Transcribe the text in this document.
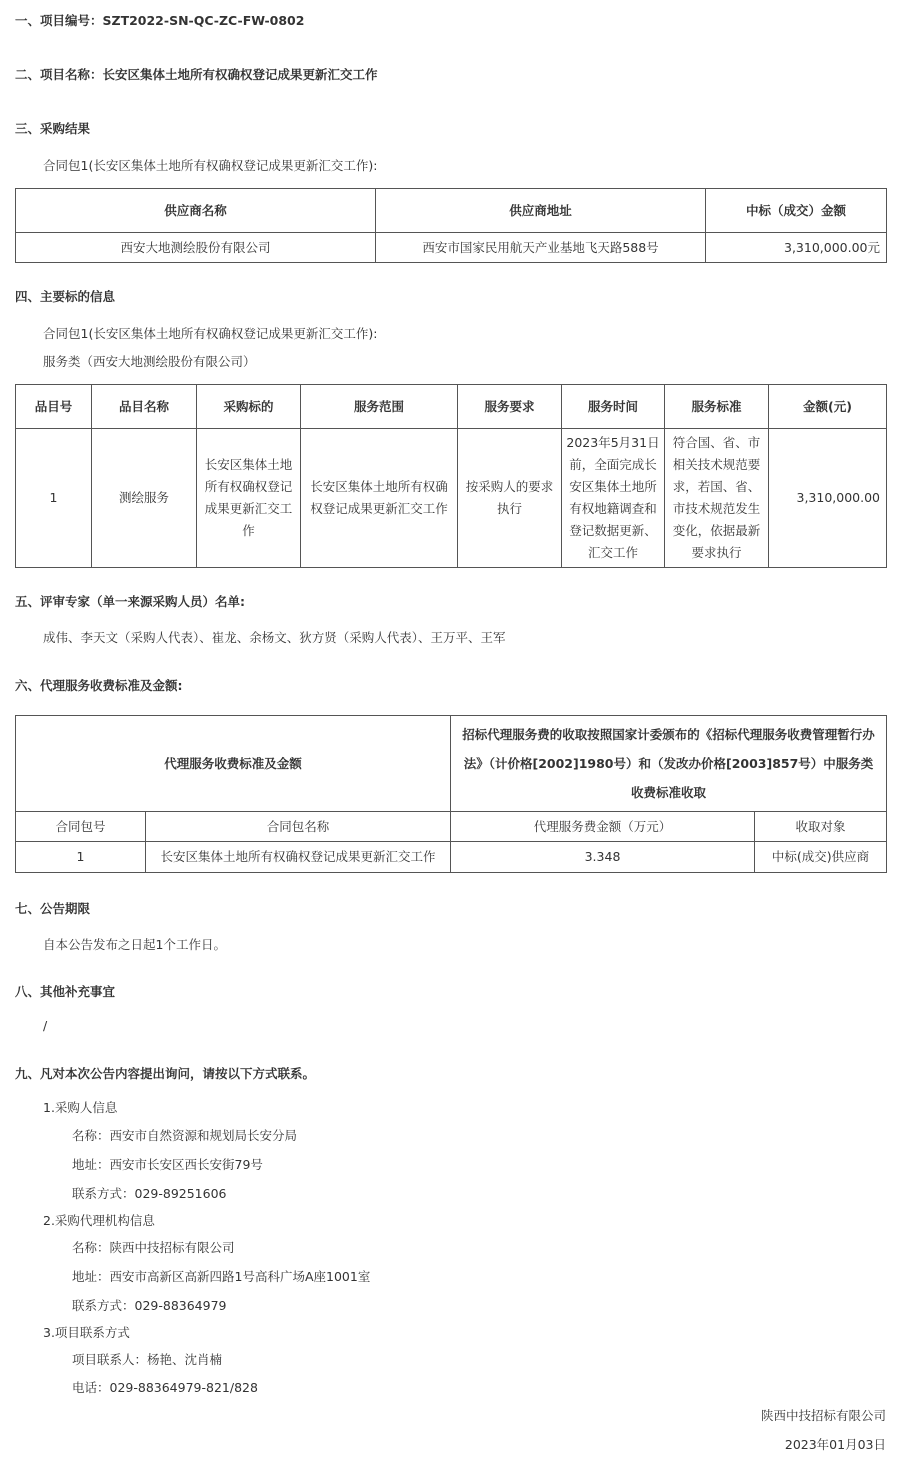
一、项目编号：SZT2022-SN-QC-ZC-FW-0802
二、项目名称：长安区集体土地所有权确权登记成果更新汇交工作
三、采购结果
合同包1(长安区集体土地所有权确权登记成果更新汇交工作):
供应商名称	供应商地址	中标（成交）金额
西安大地测绘股份有限公司	西安市国家民用航天产业基地飞天路588号	3,310,000.00元
四、主要标的信息
合同包1(长安区集体土地所有权确权登记成果更新汇交工作):
服务类（西安大地测绘股份有限公司）
品目号	品目名称	采购标的	服务范围	服务要求	服务时间	服务标准	金额(元)
1	测绘服务	长安区集体土地所有权确权登记成果更新汇交工作	长安区集体土地所有权确权登记成果更新汇交工作	按采购人的要求执行	2023年5月31日前，全面完成长安区集体土地所有权地籍调查和登记数据更新、汇交工作	符合国、省、市相关技术规范要求，若国、省、市技术规范发生变化，依据最新要求执行	3,310,000.00
五、评审专家（单一来源采购人员）名单:
成伟、李天文（采购人代表）、崔龙、余杨文、狄方贤（采购人代表）、王万平、王军
六、代理服务收费标准及金额:
代理服务收费标准及金额		招标代理服务费的收取按照国家计委颁布的《招标代理服务收费管理暂行办法》（计价格[2002]1980号）和（发改办价格[2003]857号）中服务类收费标准收取	
合同包号	合同包名称	代理服务费金额（万元）	收取对象
1	长安区集体土地所有权确权登记成果更新汇交工作	3.348	中标(成交)供应商
七、公告期限
自本公告发布之日起1个工作日。
八、其他补充事宜
/
九、凡对本次公告内容提出询问，请按以下方式联系。
1.采购人信息
名称：西安市自然资源和规划局长安分局
地址：西安市长安区西长安街79号
联系方式：029-89251606
2.采购代理机构信息
名称：陕西中技招标有限公司
地址：西安市高新区高新四路1号高科广场A座1001室
联系方式：029-88364979
3.项目联系方式
项目联系人：杨艳、沈肖楠
电话：029-88364979-821/828
陕西中技招标有限公司
2023年01月03日
